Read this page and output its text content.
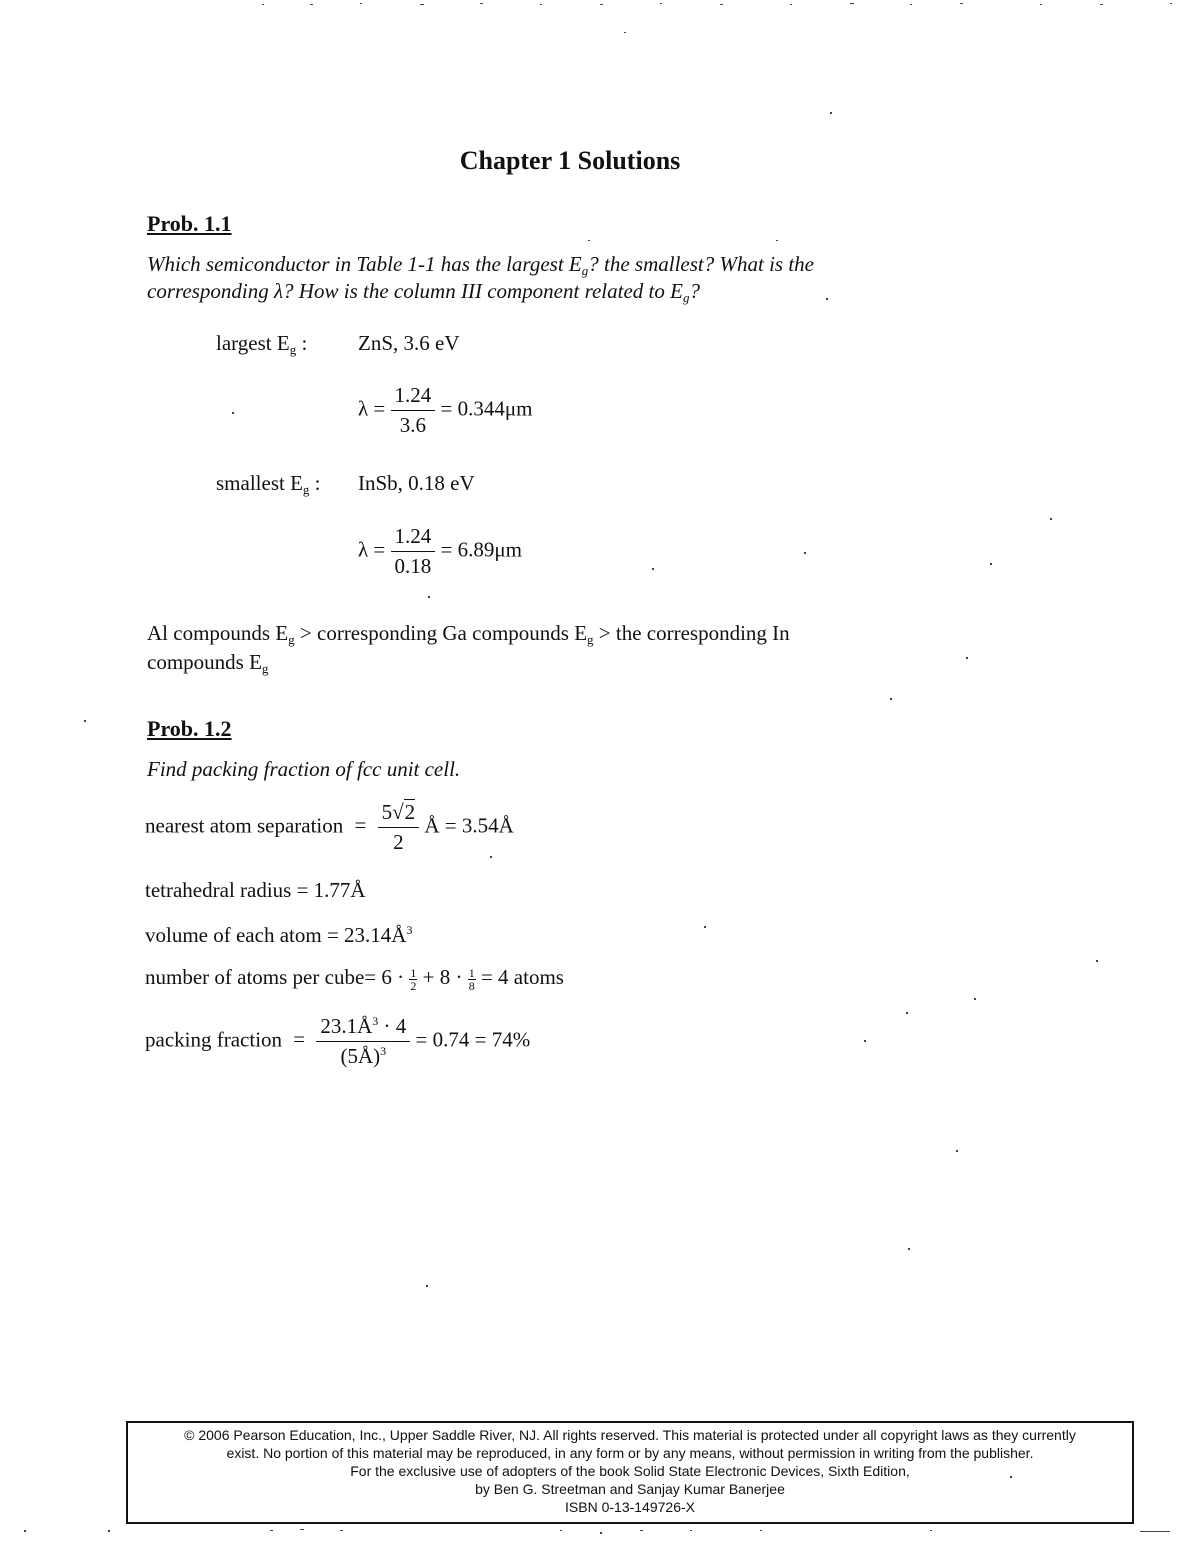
Chapter 1 Solutions
Prob. 1.1
Which semiconductor in Table 1-1 has the largest $E_g$? the smallest? What is the
corresponding λ? How is the column III component related to $E_g$?
largest $E_g$ : ZnS, 3.6 eV
$\lambda = \frac{1.24}{3.6} = 0.344\mu m$
smallest $E_g$ : InSb, 0.18 eV
$\lambda = \frac{1.24}{0.18} = 6.89\mu m$
Al compounds $E_g$ > corresponding Ga compounds $E_g$ > the corresponding In
compounds $E_g$
Prob. 1.2
Find packing fraction of fcc unit cell.
nearest atom separation = $\frac{5√2}{2}$ Å = 3.54Å
tetrahedral radius = 1.77Å
volume of each atom = $23.14Å^3$
number of atoms per cube= $6 \cdot \frac{1}{2} + 8 \cdot \frac{1}{8} = 4$ atoms
packing fraction = $\frac{23.1Å^3 \cdot 4}{(5Å)^3} = 0.74 = 74\%$
© 2006 Pearson Education, Inc., Upper Saddle River, NJ. All rights reserved. This material is protected under all copyright laws as they currently
exist. No portion of this material may be reproduced, in any form or by any means, without permission in writing from the publisher.
For the exclusive use of adopters of the book Solid State Electronic Devices, Sixth Edition,
by Ben G. Streetman and Sanjay Kumar Banerjee
ISBN 0-13-149726-X
